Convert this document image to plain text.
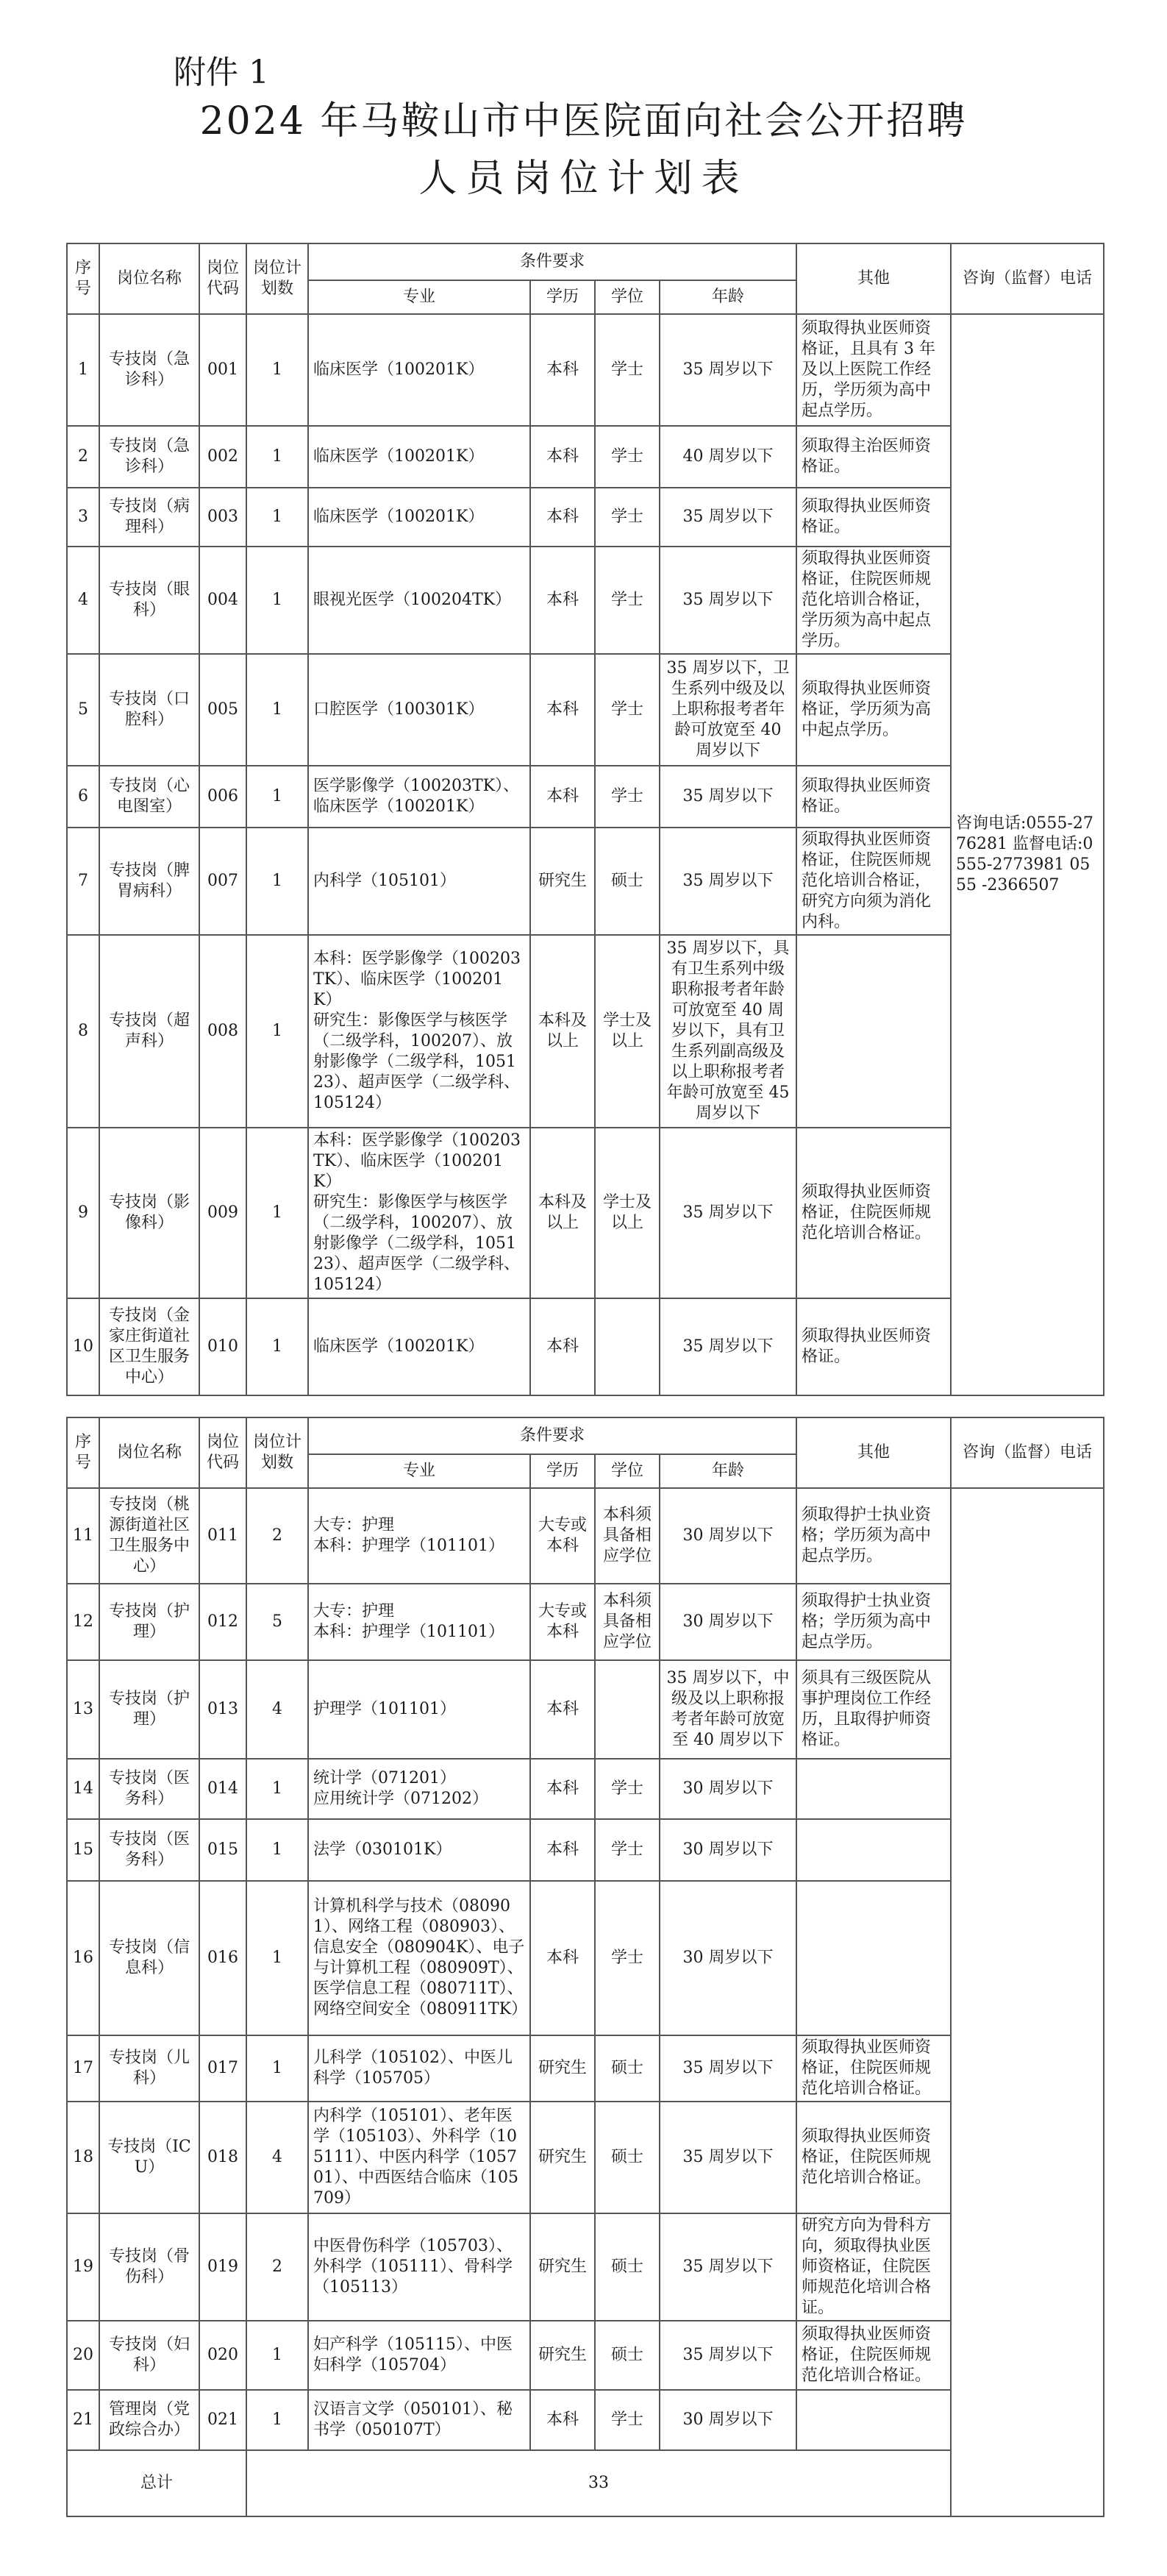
附件 1
2024 年马鞍山市中医院面向社会公开招聘
人员岗位计划表
序号	岗位名称	岗位代码	岗位计划数	条件要求				其他	咨询（监督）电话
				专业	学历	学位	年龄		
1	专技岗（急诊科）	001	1	临床医学（100201K）	本科	学士	35 周岁以下	须取得执业医师资格证，且具有 3 年及以上医院工作经历，学历须为高中起点学历。	咨询电话:0555-2776281 监督电话:0555-2773981 0555 -2366507
2	专技岗（急诊科）	002	1	临床医学（100201K）	本科	学士	40 周岁以下	须取得主治医师资格证。	
3	专技岗（病理科）	003	1	临床医学（100201K）	本科	学士	35 周岁以下	须取得执业医师资格证。	
4	专技岗（眼科）	004	1	眼视光医学（100204TK）	本科	学士	35 周岁以下	须取得执业医师资格证，住院医师规范化培训合格证，学历须为高中起点学历。	
5	专技岗（口腔科）	005	1	口腔医学（100301K）	本科	学士	35 周岁以下，卫生系列中级及以上职称报考者年龄可放宽至 40 周岁以下	须取得执业医师资格证，学历须为高中起点学历。	
6	专技岗（心电图室）	006	1	医学影像学（100203TK）、临床医学（100201K）	本科	学士	35 周岁以下	须取得执业医师资格证。	
7	专技岗（脾胃病科）	007	1	内科学（105101）	研究生	硕士	35 周岁以下	须取得执业医师资格证，住院医师规范化培训合格证，研究方向须为消化内科。	
8	专技岗（超声科）	008	1	本科：医学影像学（100203TK）、临床医学（100201K）
研究生：影像医学与核医学（二级学科，100207）、放射影像学（二级学科，105123）、超声医学（二级学科、105124）	本科及以上	学士及以上	35 周岁以下，具有卫生系列中级职称报考者年龄可放宽至 40 周岁以下，具有卫生系列副高级及以上职称报考者年龄可放宽至 45 周岁以下		
9	专技岗（影像科）	009	1	本科：医学影像学（100203TK）、临床医学（100201K）
研究生：影像医学与核医学（二级学科，100207）、放射影像学（二级学科，105123）、超声医学（二级学科、105124）	本科及以上	学士及以上	35 周岁以下	须取得执业医师资格证，住院医师规范化培训合格证。	
10	专技岗（金家庄街道社区卫生服务中心）	010	1	临床医学（100201K）	本科		35 周岁以下	须取得执业医师资格证。	
序号	岗位名称	岗位代码	岗位计划数	条件要求				其他	咨询（监督）电话
				专业	学历	学位	年龄		
11	专技岗（桃源街道社区卫生服务中心）	011	2	大专：护理
本科：护理学（101101）	大专或本科	本科须具备相应学位	30 周岁以下	须取得护士执业资格；学历须为高中起点学历。	
12	专技岗（护理）	012	5	大专：护理
本科：护理学（101101）	大专或本科	本科须具备相应学位	30 周岁以下	须取得护士执业资格；学历须为高中起点学历。	
13	专技岗（护理）	013	4	护理学（101101）	本科		35 周岁以下，中级及以上职称报考者年龄可放宽至 40 周岁以下	须具有三级医院从事护理岗位工作经历，且取得护师资格证。	
14	专技岗（医务科）	014	1	统计学（071201）
应用统计学（071202）	本科	学士	30 周岁以下		
15	专技岗（医务科）	015	1	法学（030101K）	本科	学士	30 周岁以下		
16	专技岗（信息科）	016	1	计算机科学与技术（080901）、网络工程（080903）、信息安全（080904K）、电子与计算机工程（080909T）、医学信息工程（080711T）、网络空间安全（080911TK）	本科	学士	30 周岁以下		
17	专技岗（儿科）	017	1	儿科学（105102）、中医儿科学（105705）	研究生	硕士	35 周岁以下	须取得执业医师资格证，住院医师规范化培训合格证。	
18	专技岗（ICU）	018	4	内科学（105101）、老年医学（105103）、外科学（105111）、中医内科学（105701）、中西医结合临床（105709）	研究生	硕士	35 周岁以下	须取得执业医师资格证，住院医师规范化培训合格证。	
19	专技岗（骨伤科）	019	2	中医骨伤科学（105703）、外科学（105111）、骨科学（105113）	研究生	硕士	35 周岁以下	研究方向为骨科方向，须取得执业医师资格证，住院医师规范化培训合格证。	
20	专技岗（妇科）	020	1	妇产科学（105115）、中医妇科学（105704）	研究生	硕士	35 周岁以下	须取得执业医师资格证，住院医师规范化培训合格证。	
21	管理岗（党政综合办）	021	1	汉语言文学（050101）、秘书学（050107T）	本科	学士	30 周岁以下		
总计			33						
